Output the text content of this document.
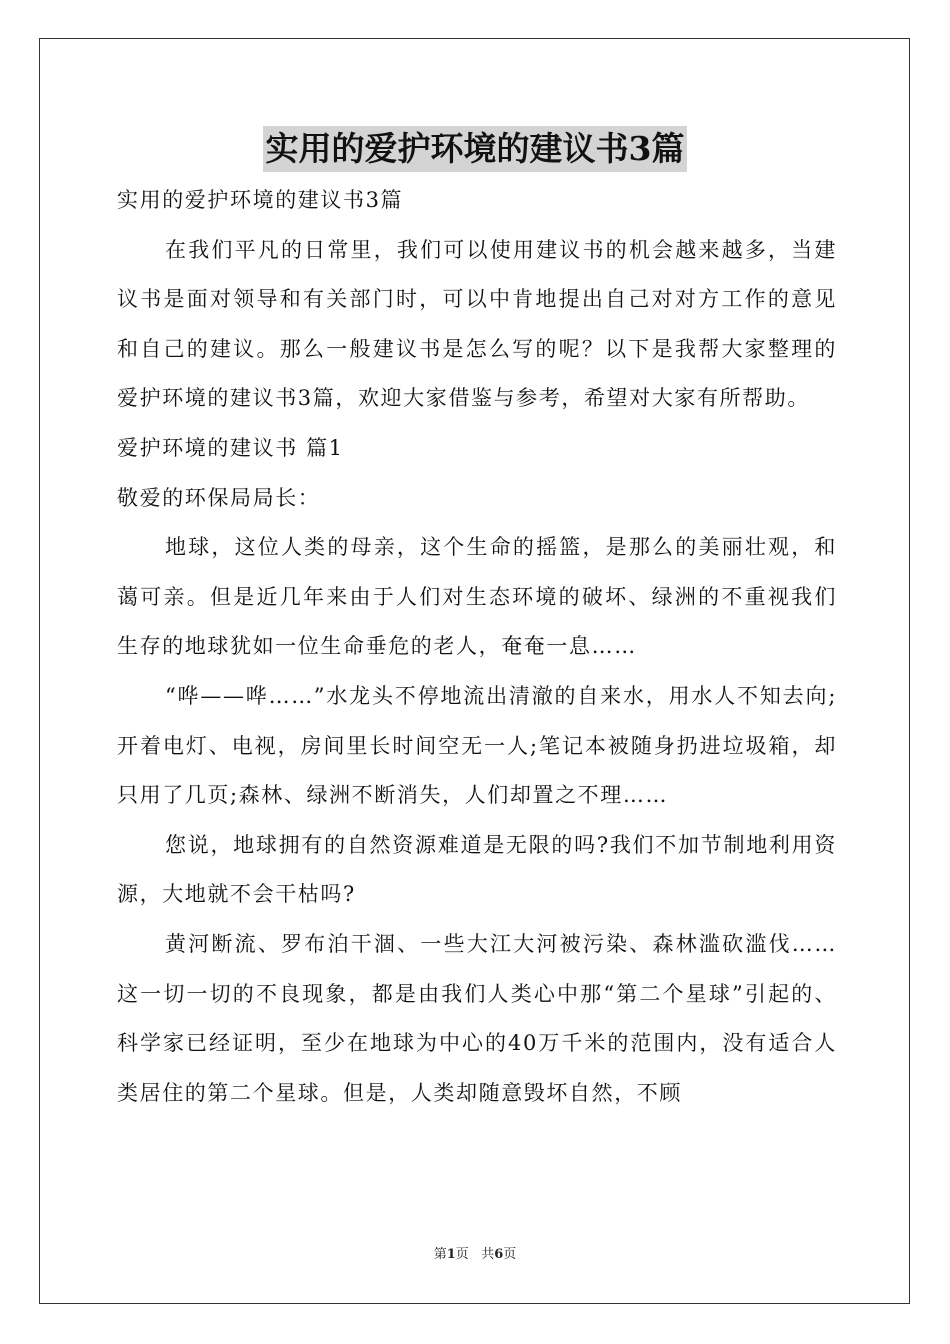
实用的爱护环境的建议书3篇

实用的爱护环境的建议书3篇

在我们平凡的日常里，我们可以使用建议书的机会越来越多，当建议书是面对领导和有关部门时，可以中肯地提出自己对对方工作的意见和自己的建议。那么一般建议书是怎么写的呢？以下是我帮大家整理的爱护环境的建议书3篇，欢迎大家借鉴与参考，希望对大家有所帮助。

爱护环境的建议书 篇1

敬爱的环保局局长：

地球，这位人类的母亲，这个生命的摇篮，是那么的美丽壮观，和蔼可亲。但是近几年来由于人们对生态环境的破坏、绿洲的不重视我们生存的地球犹如一位生命垂危的老人，奄奄一息……

“哗——哗……”水龙头不停地流出清澈的自来水，用水人不知去向;开着电灯、电视，房间里长时间空无一人;笔记本被随身扔进垃圾箱，却只用了几页;森林、绿洲不断消失，人们却置之不理……

您说，地球拥有的自然资源难道是无限的吗?我们不加节制地利用资源，大地就不会干枯吗?

黄河断流、罗布泊干涸、一些大江大河被污染、森林滥砍滥伐……这一切一切的不良现象，都是由我们人类心中那“第二个星球”引起的、科学家已经证明，至少在地球为中心的40万千米的范围内，没有适合人类居住的第二个星球。但是，人类却随意毁坏自然，不顾

第1页 共6页
